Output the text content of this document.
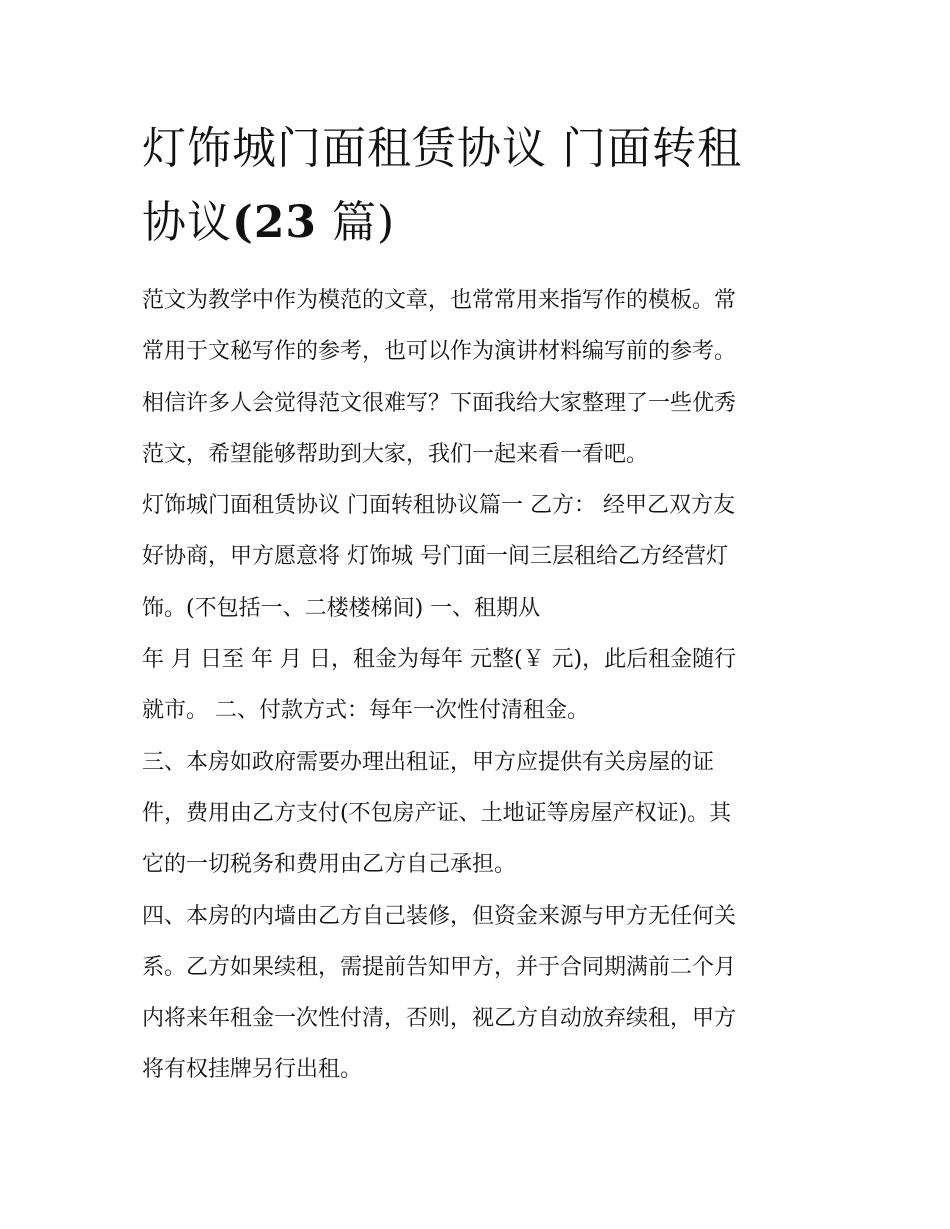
灯饰城门面租赁协议 门面转租
协议(23 篇)
范文为教学中作为模范的文章，也常常用来指写作的模板。常
常用于文秘写作的参考，也可以作为演讲材料编写前的参考。
相信许多人会觉得范文很难写？下面我给大家整理了一些优秀
范文，希望能够帮助到大家，我们一起来看一看吧。
灯饰城门面租赁协议 门面转租协议篇一 乙方： 经甲乙双方友
好协商，甲方愿意将 灯饰城 号门面一间三层租给乙方经营灯
饰。(不包括一、二楼楼梯间) 一、租期从
年 月 日至 年 月 日，租金为每年 元整(￥ 元)，此后租金随行
就市。 二、付款方式：每年一次性付清租金。
三、本房如政府需要办理出租证，甲方应提供有关房屋的证
件，费用由乙方支付(不包房产证、土地证等房屋产权证)。其
它的一切税务和费用由乙方自己承担。
四、本房的内墙由乙方自己装修，但资金来源与甲方无任何关
系。乙方如果续租，需提前告知甲方，并于合同期满前二个月
内将来年租金一次性付清，否则，视乙方自动放弃续租，甲方
将有权挂牌另行出租。
